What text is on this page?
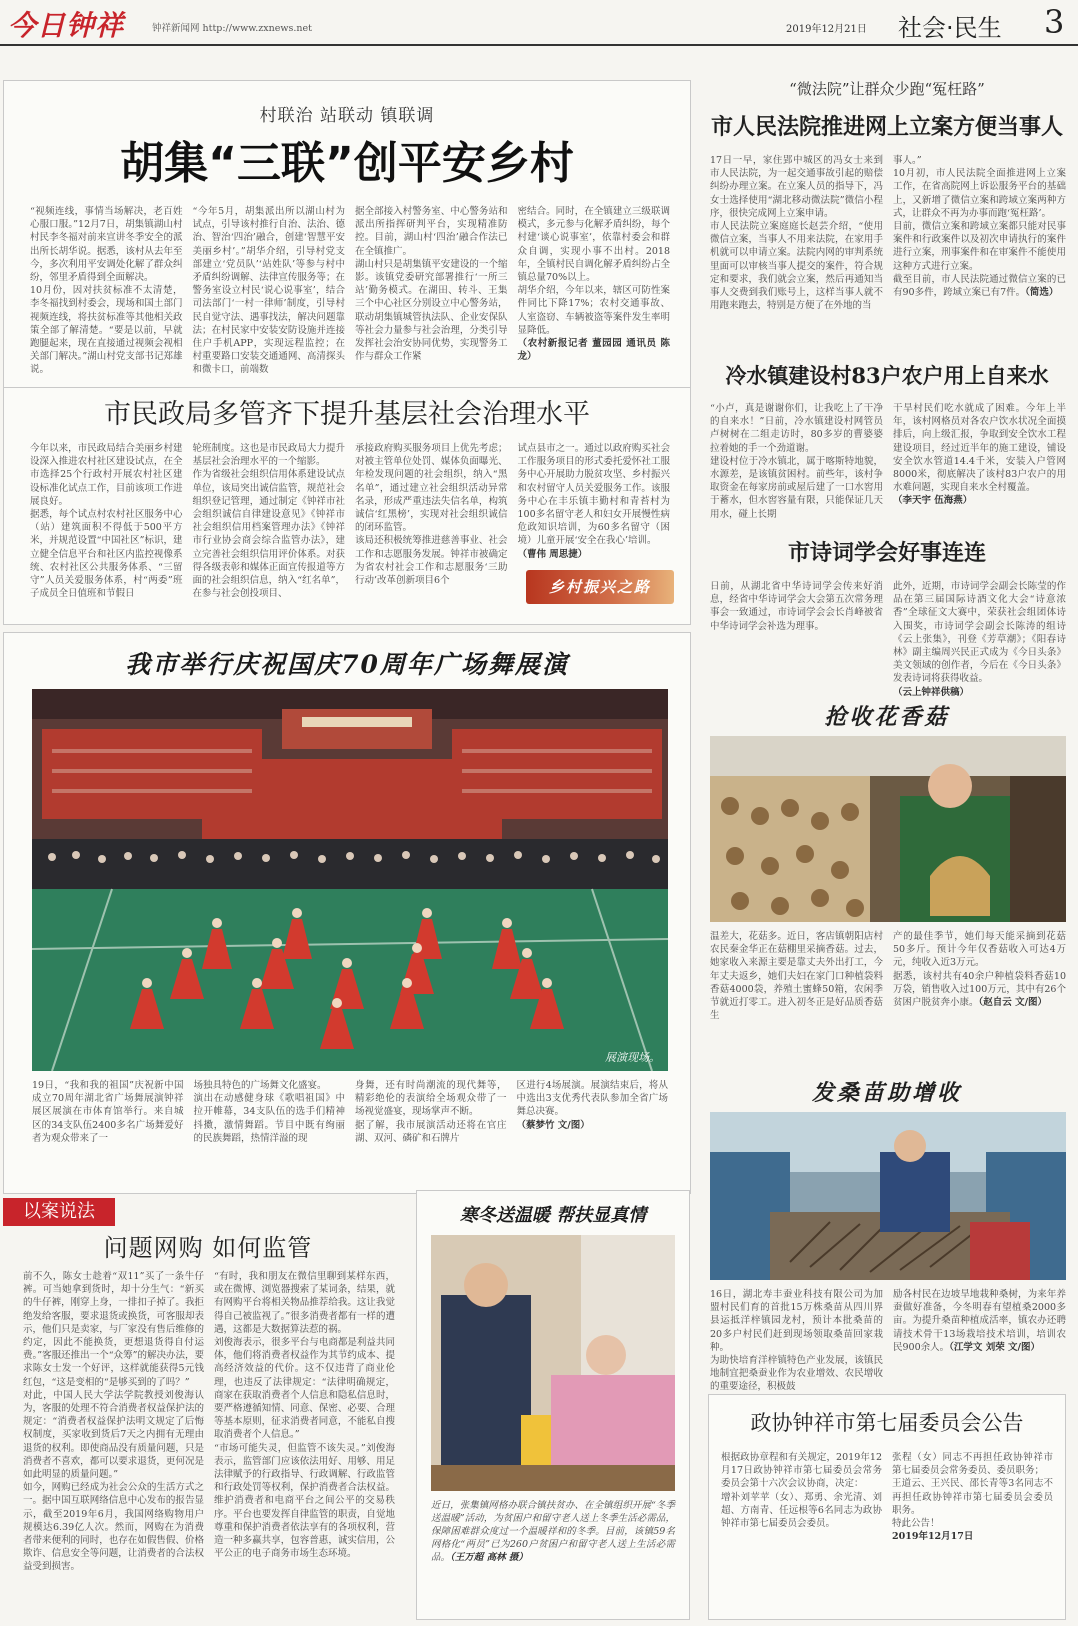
今日钟祥	钟祥新闻网 http://www.zxnews.net	2019年12月21日 社会·民生 3
村联治 站联动 镇联调
胡集“三联”创平安乡村
“视频连线，事情当场解决，老百姓心服口服。”12月7日，胡集镇湖山村村民李冬福对前来宣讲冬季安全的派出所长胡华说。据悉，该村从去年至今，多次利用平安调处化解了群众纠纷，邻里矛盾得到全面解决。
10月份，因对扶贫标准不太清楚，李冬福找到村委会，现场和国土部门视频连线，将扶贫标准等其他相关政策全部了解清楚。“要是以前，早就跑腿起来，现在直接通过视频会视相关部门解决。”湖山村党支部书记郑雄说。
“今年5月，胡集派出所以湖山村为试点，引导该村推行自治、法治、德治、智治‘四治’融合，创建‘智慧平安美丽乡村’。”胡华介绍，引导村党支部建立‘党员队’‘站姓队’等参与村中矛盾纠纷调解、法律宣传服务等；在警务室设立村民‘说心说事室’，结合司法部门‘一村一律师’制度，引导村民自觉守法、遇事找法，解决问题靠法；在村民家中安装安防设施并连接住户手机APP，实现远程监控；在村重要路口安装交通通网、高清探头和微卡口，前端数
据全部接入村警务室、中心警务站和派出所指挥研判平台，实现精准防控。目前，湖山村‘四治’融合作法已在全镇推广。
湖山村只是胡集镇平安建设的一个缩影。该镇党委研究部署推行‘一所三站’勤务模式。在湖田、转斗、王集三个中心社区分别设立中心警务站，联动胡集镇城管执法队、企业安保队等社会力量参与社会治理，分类引导发挥社会治安协同优势，实现警务工作与群众工作紧
密结合。同时，在全镇建立三级联调模式，多元参与化解矛盾纠纷，每个村建‘谈心说事室’，依靠村委会和群众自调，实现小事不出村。2018年，全镇村民自调化解矛盾纠纷占全镇总量70%以上。
胡华介绍，今年以来，辖区可防性案件同比下降17%；农村交通事故、人室盗窃、车辆被盗等案件发生率明显降低。
（农村新报记者 董园园 通讯员 陈龙）
市民政局多管齐下提升基层社会治理水平
今年以来，市民政局结合美丽乡村建设深入推进农村社区建设试点，在全市选择25个行政村开展农村社区建设标准化试点工作，目前该项工作进展良好。
据悉，每个试点村农村社区服务中心（站）建筑面积不得低于500平方米，并规范设置“中国社区”标识，建立健全信息平台和社区内监控视像系统、农村社区公共服务体系、“三留守”人员关爱服务体系，村“两委”班子成员全日值班和节假日
轮班制度。这也是市民政局大力提升基层社会治理水平的一个缩影。
作为省级社会组织信用体系建设试点单位，该局突出诚信监管，规范社会组织登记管理，通过制定《钟祥市社会组织诚信自律建设意见》《钟祥市社会组织信用档案管理办法》《钟祥市行业协会商会综合监管办法》，建立完善社会组织信用评价体系。对获得各级表彰和媒体正面宣传报道等方面的社会组织信息，纳入“红名单”，在参与社会创投项目、
承接政府购买服务项目上优先考虑；对被主管单位处罚、媒体负面曝光、年检发现问题的社会组织，纳入“黑名单”，通过建立社会组织活动异常名录，形成严重违法失信名单，构筑诚信‘红黑榜’，实现对社会组织诚信的闭环监管。
该局还积极统筹推进慈善事业、社会工作和志愿服务发展。钟祥市被确定为省农村社会工作和志愿服务‘三助行动’改革创新项目6个
试点县市之一。通过以政府购买社会工作服务项目的形式委托爱怀社工服务中心开展助力脱贫攻坚、乡村振兴和农村留守人员关爱服务工作。该服务中心在丰乐镇丰勤村和青苔村为100多名留守老人和妇女开展慢性病危政知识培训，为60多名留守（困境）儿童开展‘安全在我心’培训。
（曹伟 周思捷）
乡村振兴之路
我市举行庆祝国庆70周年广场舞展演
展演现场。
19日，“我和我的祖国”庆祝新中国成立70周年湖北省广场舞展演钟祥展区展演在市体育馆举行。来自城区的34支队伍2400多名广场舞爱好者为观众带来了一
场独具特色的广场舞文化盛宴。
演出在动感健身球《歌唱祖国》中拉开帷幕，34支队伍的选手们精神抖擞，激情舞蹈。节目中既有绚丽的民族舞蹈，热情洋溢的现
身舞，还有时尚潮流的现代舞等，精彩绝伦的表演给全场观众带了一场视觉盛宴，现场掌声不断。
据了解，我市展演活动还将在官庄湖、双河、磷矿和石牌片
区进行4场展演。展演结束后，将从中选出3支优秀代表队参加全省广场舞总决赛。
（蔡梦竹 文/图）
以案说法
问题网购 如何监管
前不久，陈女士趁着“双11”买了一条牛仔裤。可当她拿到货时，却十分生气：“新买的牛仔裤，刚穿上身，一排扣子掉了。我拒绝发给客服，要求退货或换货，可客服却表示，他们只是卖家，与厂家没有售后维修的约定，因此不能换货，更想退货得自付运费。”客服还推出一个“众筹”的解决办法，要求陈女士发一个好评，这样就能获得5元钱红包，“这是变相的“是够买到的了吗？”
对此，中国人民大学法学院教授刘俊海认为，客服的处理不符合消费者权益保护法的规定：“消费者权益保护法明文规定了后悔权制度，买家收到货后7天之内拥有无理由退货的权利。即使商品没有质量问题，只是消费者不喜欢，都可以要求退货，更何况是如此明显的质量问题。”
如今，网购已经成为社会公众的生活方式之一。据中国互联网络信息中心发布的报告显示，截至2019年6月，我国网络购物用户规模达6.39亿人次。然而，网购在为消费者带来便利的同时，也存在如假售假、价格欺诈、信息安全等问题，让消费者的合法权益受到损害。
“有时，我和朋友在微信里聊到某样东西，或在微博、浏览器搜索了某词条，结果，就有网购平台将相关物品推荐给我。这让我觉得自己被监视了。”很多消费者都有一样的遭遇，这都是大数据算法惹的祸。
刘俊海表示，很多平台与电商都是利益共同体，他们将消费者权益作为其节约成本、提高经济效益的代价。这不仅违背了商业伦理，也违反了法律规定：“法律明确规定，商家在获取消费者个人信息和隐私信息时，要严格遵循知情、同意、保密、必要、合理等基本原则，征求消费者同意，不能私自搜取消费者个人信息。”
“市场可能失灵，但监管不该失灵。”刘俊海表示，监管部门应该依法用好、用够、用足法律赋予的行政指导、行政调解、行政监管和行政处罚等权利，保护消费者合法权益。维护消费者和电商平台之间公平的交易秩序。平台也要发挥自律监管的职责，自觉地尊重和保护消费者依法享有的各项权利，营造一种多赢共享，包容普惠，诚实信用，公平公正的电子商务市场生态环境。
寒冬送温暖 帮扶显真情
近日，张集镇网格办联合镇扶贫办、在全镇组织开展“冬季送温暖”活动，为贫困户和留守老人送上冬季生活必需品，保障困难群众度过一个温暖祥和的冬季。目前，该镇59名网格化“两员”已为260户贫困户和留守老人送上生活必需品。（王万超 高林 摄）
“微法院”让群众少跑“冤枉路”
市人民法院推进网上立案方便当事人
17日一早，家住郢中城区的冯女士来到市人民法院，为一起交通事故引起的赔偿纠纷办理立案。在立案人员的指导下，冯女士选择使用“湖北移动微法院”微信小程序，很快完成网上立案申请。
市人民法院立案庭庭长赵芸介绍，“使用微信立案，当事人不用来法院，在家用手机就可以申请立案。法院内网的审判系统里面可以审核当事人提交的案件，符合规定和要求，我们就会立案，然后再通知当事人交费到我们账号上，这样当事人就不用跑来跑去，特别是方便了在外地的当
事人。”
10月初，市人民法院全面推进网上立案工作，在省高院网上诉讼服务平台的基础上，又新增了微信立案和跨域立案两种方式，让群众不再为办事而跑‘冤枉路’。
目前，微信立案和跨域立案都只能对民事案件和行政案件以及初次申请执行的案件进行立案，刑事案件和在审案件不能使用这种方式进行立案。
截至目前，市人民法院通过微信立案的已有90多件，跨域立案已有7件。（简选）
冷水镇建设村83户农户用上自来水
“小卢，真是谢谢你们，让我吃上了干净的自来水！”日前，冷水镇建设村网管员卢树树在二组走访时，80多岁的曹婆婆拉着她的手一个劲道谢。
建设村位于冷水镇北，属于喀斯特地貌，水源差，是该镇贫困村。前些年，该村争取资金在每家房前或屋后建了一口水窖用于蓄水，但水窖容量有限，只能保证几天用水，碰上长期
干旱村民们吃水就成了困难。今年上半年，该村网格员对各农户饮水状况全面摸排后，向上级汇报，争取到安全饮水工程建设项目，经过近半年的施工建设，铺设安全饮水管道14.4千米，安装入户管网8000米，彻底解决了该村83户农户的用水难问题，实现自来水全村覆盖。
（李天宇 伍海燕）
市诗词学会好事连连
日前，从湖北省中华诗词学会传来好消息，经省中华诗词学会大会第五次常务理事会一致通过，市诗词学会会长肖峰被省中华诗词学会补选为理事。
此外，近期，市诗词学会副会长陈莹的作品在第三届国际诗酒文化大会“诗意浓香”全球征文大赛中，荣获社会组团体诗入围奖，市诗词学会副会长陈涛的组诗《云上张集》，刊登《芳草潮》；《阳春诗林》副主编周兴民正式成为《今日头条》美文领域的创作者，今后在《今日头条》发表诗词将获得收益。
（云上钟祥供稿）
抢收花香菇
温差大，花菇多。近日，客店镇朝阳店村农民秦金华正在菇棚里采摘香菇。过去，她家收入来源主要是靠丈夫外出打工，今年丈夫返乡，她们夫妇在家门口种植袋料香菇4000袋，养殖土蜜蜂50箱，农闲季节就近打零工。进入初冬正是好品质香菇生
产的最佳季节，她们每天能采摘到花菇50多斤。预计今年仅香菇收入可达4万元，纯收入近3万元。
据悉，该村共有40余户种植袋料香菇10万袋，销售收入过100万元，其中有26个贫困户脱贫奔小康。（赵自云 文/图）
发桑苗助增收
16日，湖北寿丰蚕业科技有限公司为加盟村民们育的首批15万株桑苗从四川界县运抵洋梓镇园龙村，预计本批桑苗的20多户村民们赶到现场领取桑苗回家栽种。
为助快培育洋梓镇特色产业发展，该镇民地制宜把桑蚕业作为农业增效、农民增收的重要途径，积极鼓
励各村民在边坡旱地栽种桑树，为来年养蚕做好准备，今冬明春有望植桑2000多亩。为提升桑苗种植成活率，镇农办还聘请技术骨干13场栽培技术培训，培训农民900余人。（江学文 刘荣 文/图）
政协钟祥市第七届委员会公告
根据政协章程和有关规定，2019年12月17日政协钟祥市第七届委员会常务委员会第十六次会议协商，决定：
增补刘苹苹（女）、郑勇、余光清、刘超、方南青、任远根等6名同志为政协钟祥市第七届委员会委员。
张程（女）同志不再担任政协钟祥市第七届委员会常务委员、委员职务；
王道云、王兴民、邵长青等3名同志不再担任政协钟祥市第七届委员会委员职务。
特此公告！
2019年12月17日
